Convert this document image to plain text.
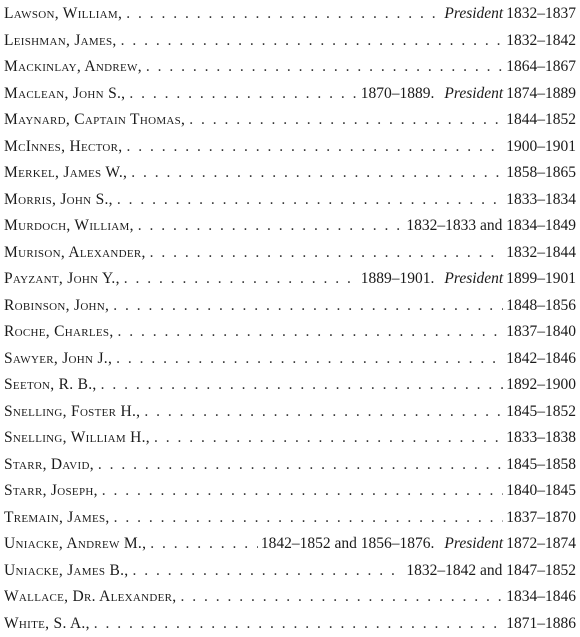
Lawson, William, . . .	President 1832–1837
Leishman, James, . . .	1832–1842
Mackinlay, Andrew, . . .	1864–1867
Maclean, John S., . . .	1870–1889. President 1874–1889
Maynard, Captain Thomas, . . .	1844–1852
McInnes, Hector, . . .	1900–1901
Merkel, James W., . . .	1858–1865
Morris, John S., . . .	1833–1834
Murdoch, William, . . .	1832–1833 and 1834–1849
Murison, Alexander, . . .	1832–1844
Payzant, John Y., . . .	1889–1901. President 1899–1901
Robinson, John, . . .	1848–1856
Roche, Charles, . . .	1837–1840
Sawyer, John J., . . .	1842–1846
Seeton, R. B., . . .	1892–1900
Snelling, Foster H., . . .	1845–1852
Snelling, William H., . . .	1833–1838
Starr, David, . . .	1845–1858
Starr, Joseph, . . .	1840–1845
Tremain, James, . . .	1837–1870
Uniacke, Andrew M., . . .	1842–1852 and 1856–1876. President 1872–1874
Uniacke, James B., . . .	1832–1842 and 1847–1852
Wallace, Dr. Alexander, . . .	1834–1846
White, S. A., . . .	1871–1886
